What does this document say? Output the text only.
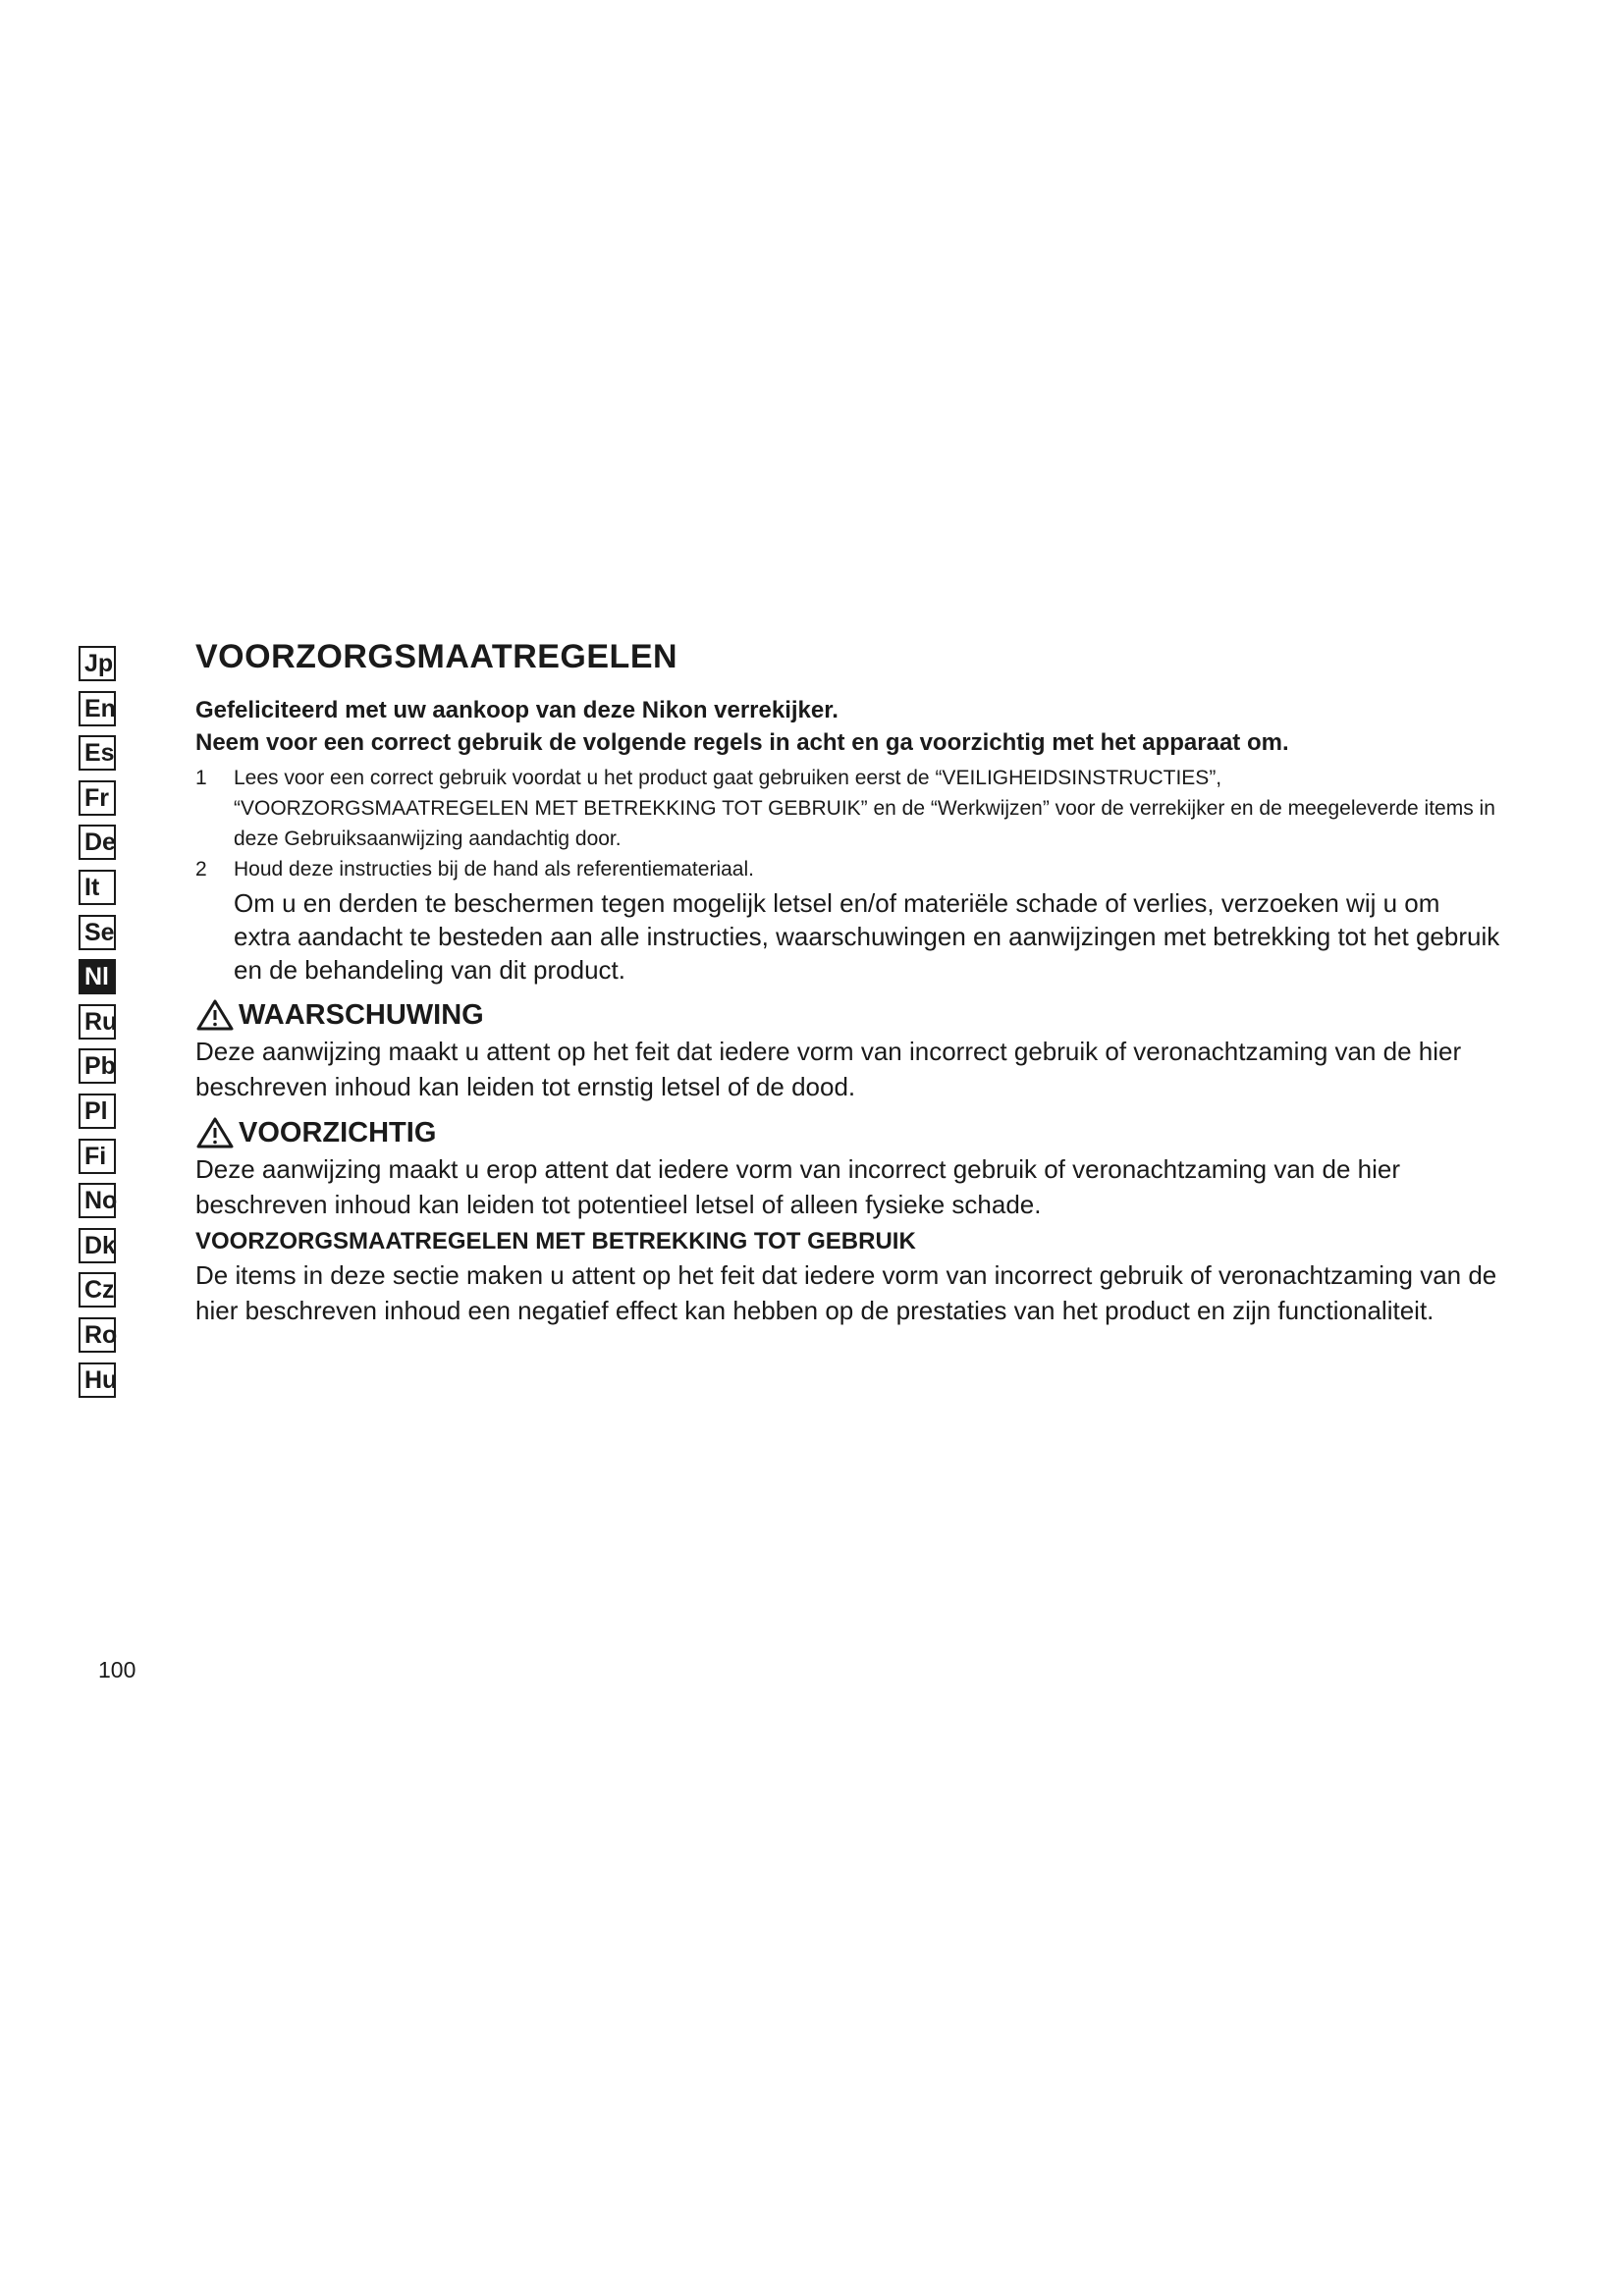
Jp
En
Es
Fr
De
It
Se
Nl
Ru
Pb
Pl
Fi
No
Dk
Cz
Ro
Hu
VOORZORGSMAATREGELEN

Gefeliciteerd met uw aankoop van deze Nikon verrekijker.

Neem voor een correct gebruik de volgende regels in acht en ga voorzichtig met het apparaat om.

1 Lees voor een correct gebruik voordat u het product gaat gebruiken eerst de “VEILIGHEIDSINSTRUCTIES”, “VOORZORGSMAATREGELEN MET BETREKKING TOT GEBRUIK” en de “Werkwijzen” voor de verrekijker en de meegeleverde items in deze Gebruiksaanwijzing aandachtig door.
2 Houd deze instructies bij de hand als referentiemateriaal.

Om u en derden te beschermen tegen mogelijk letsel en/of materiële schade of verlies, verzoeken wij u om extra aandacht te besteden aan alle instructies, waarschuwingen en aanwijzingen met betrekking tot het gebruik en de behandeling van dit product.

WAARSCHUWING

Deze aanwijzing maakt u attent op het feit dat iedere vorm van incorrect gebruik of veronachtzaming van de hier beschreven inhoud kan leiden tot ernstig letsel of de dood.

VOORZICHTIG

Deze aanwijzing maakt u erop attent dat iedere vorm van incorrect gebruik of veronachtzaming van de hier beschreven inhoud kan leiden tot potentieel letsel of alleen fysieke schade.

VOORZORGSMAATREGELEN MET BETREKKING TOT GEBRUIK

De items in deze sectie maken u attent op het feit dat iedere vorm van incorrect gebruik of veronachtzaming van de hier beschreven inhoud een negatief effect kan hebben op de prestaties van het product en zijn functionaliteit.

100
